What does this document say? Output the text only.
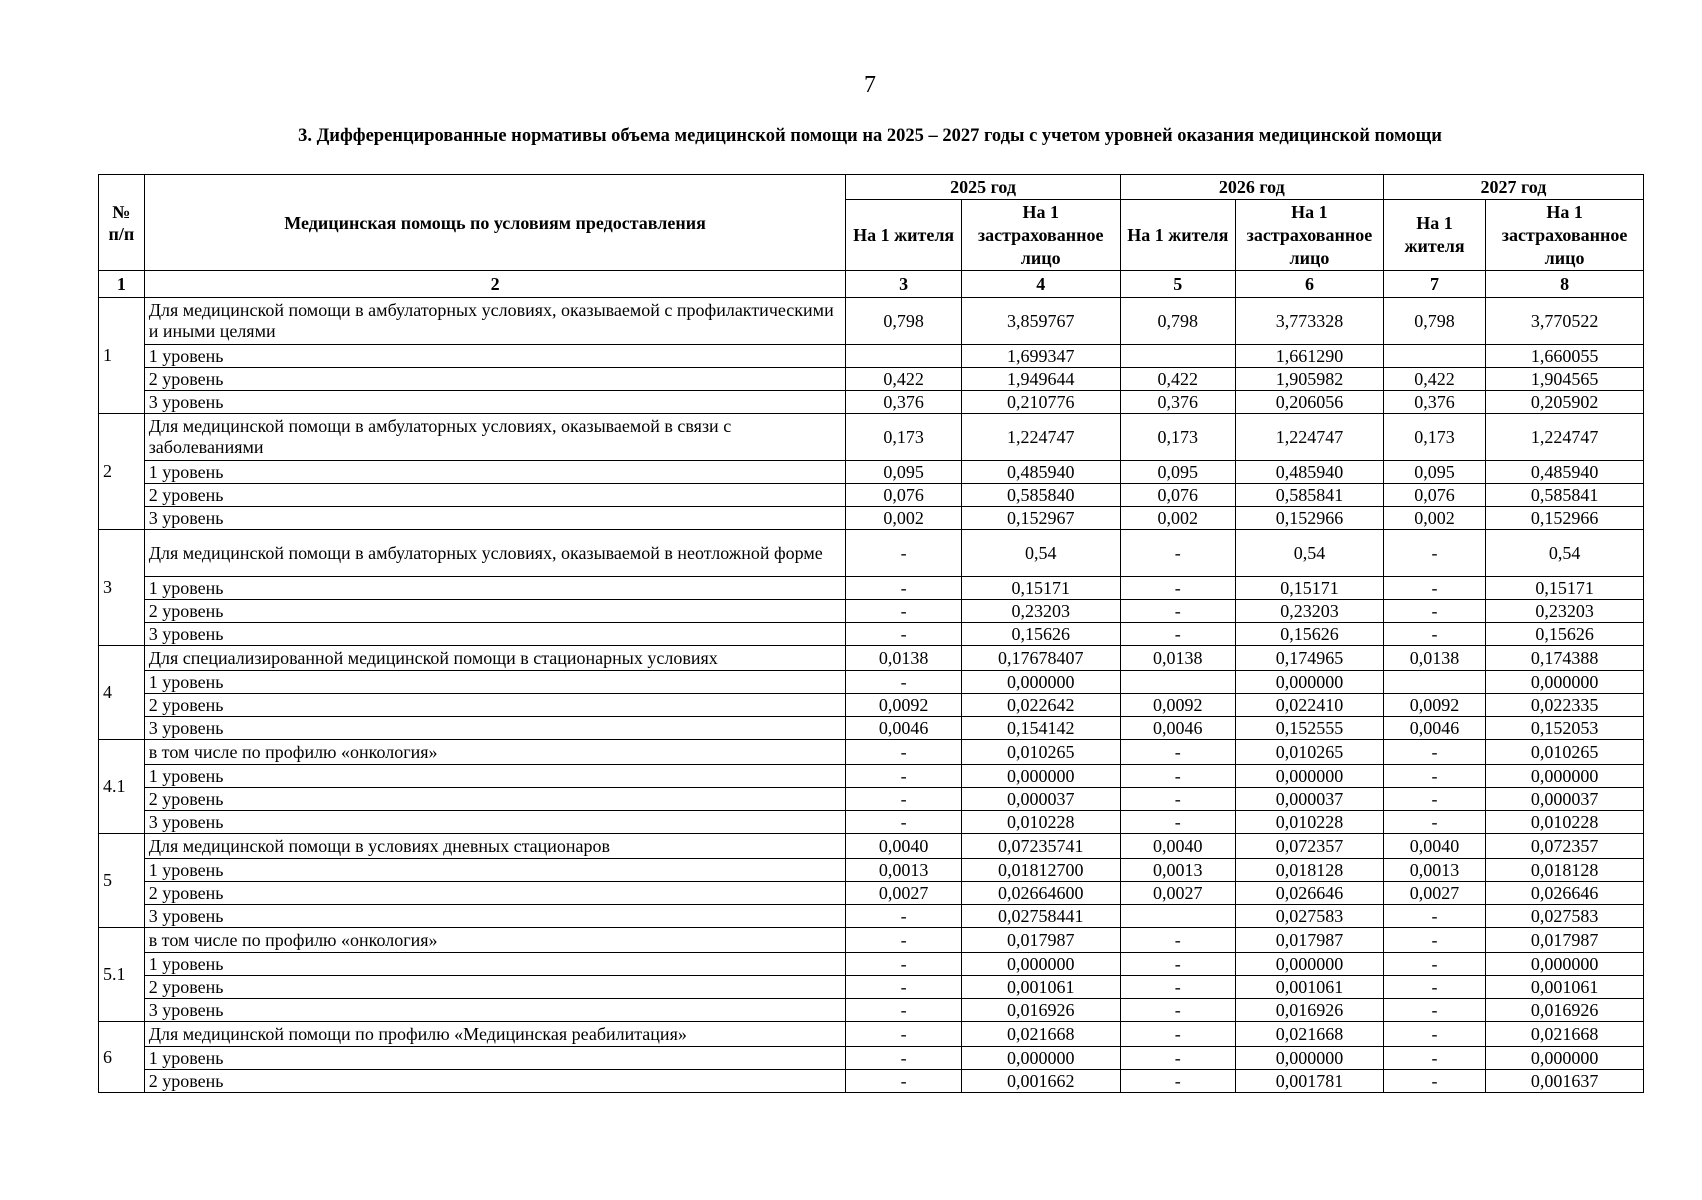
7
3. Дифференцированные нормативы объема медицинской помощи на 2025 – 2027 годы с учетом уровней оказания медицинской помощи
№ п/п	Медицинская помощь по условиям предоставления	2025 год		2026 год		2027 год	
		На 1 жителя	На 1 застрахованное лицо	На 1 жителя	На 1 застрахованное лицо	На 1 жителя	На 1 застрахованное лицо
1	2	3	4	5	6	7	8
1	Для медицинской помощи в амбулаторных условиях, оказываемой с профилактическими и иными целями	0,798	3,859767	0,798	3,773328	0,798	3,770522
	1 уровень		1,699347		1,661290		1,660055
	2 уровень	0,422	1,949644	0,422	1,905982	0,422	1,904565
	3 уровень	0,376	0,210776	0,376	0,206056	0,376	0,205902
2	Для медицинской помощи в амбулаторных условиях, оказываемой в связи с заболеваниями	0,173	1,224747	0,173	1,224747	0,173	1,224747
	1 уровень	0,095	0,485940	0,095	0,485940	0,095	0,485940
	2 уровень	0,076	0,585840	0,076	0,585841	0,076	0,585841
	3 уровень	0,002	0,152967	0,002	0,152966	0,002	0,152966
3	Для медицинской помощи в амбулаторных условиях, оказываемой в неотложной форме	-	0,54	-	0,54	-	0,54
	1 уровень	-	0,15171	-	0,15171	-	0,15171
	2 уровень	-	0,23203	-	0,23203	-	0,23203
	3 уровень	-	0,15626	-	0,15626	-	0,15626
4	Для специализированной медицинской помощи в стационарных условиях	0,0138	0,17678407	0,0138	0,174965	0,0138	0,174388
	1 уровень	-	0,000000		0,000000		0,000000
	2 уровень	0,0092	0,022642	0,0092	0,022410	0,0092	0,022335
	3 уровень	0,0046	0,154142	0,0046	0,152555	0,0046	0,152053
4.1	в том числе по профилю «онкология»	-	0,010265	-	0,010265	-	0,010265
	1 уровень	-	0,000000	-	0,000000	-	0,000000
	2 уровень	-	0,000037	-	0,000037	-	0,000037
	3 уровень	-	0,010228	-	0,010228	-	0,010228
5	Для медицинской помощи в условиях дневных стационаров	0,0040	0,07235741	0,0040	0,072357	0,0040	0,072357
	1 уровень	0,0013	0,01812700	0,0013	0,018128	0,0013	0,018128
	2 уровень	0,0027	0,02664600	0,0027	0,026646	0,0027	0,026646
	3 уровень	-	0,02758441		0,027583	-	0,027583
5.1	в том числе по профилю «онкология»	-	0,017987	-	0,017987	-	0,017987
	1 уровень	-	0,000000	-	0,000000	-	0,000000
	2 уровень	-	0,001061	-	0,001061	-	0,001061
	3 уровень	-	0,016926	-	0,016926	-	0,016926
6	Для медицинской помощи по профилю «Медицинская реабилитация»	-	0,021668	-	0,021668	-	0,021668
	1 уровень	-	0,000000	-	0,000000	-	0,000000
	2 уровень	-	0,001662	-	0,001781	-	0,001637
